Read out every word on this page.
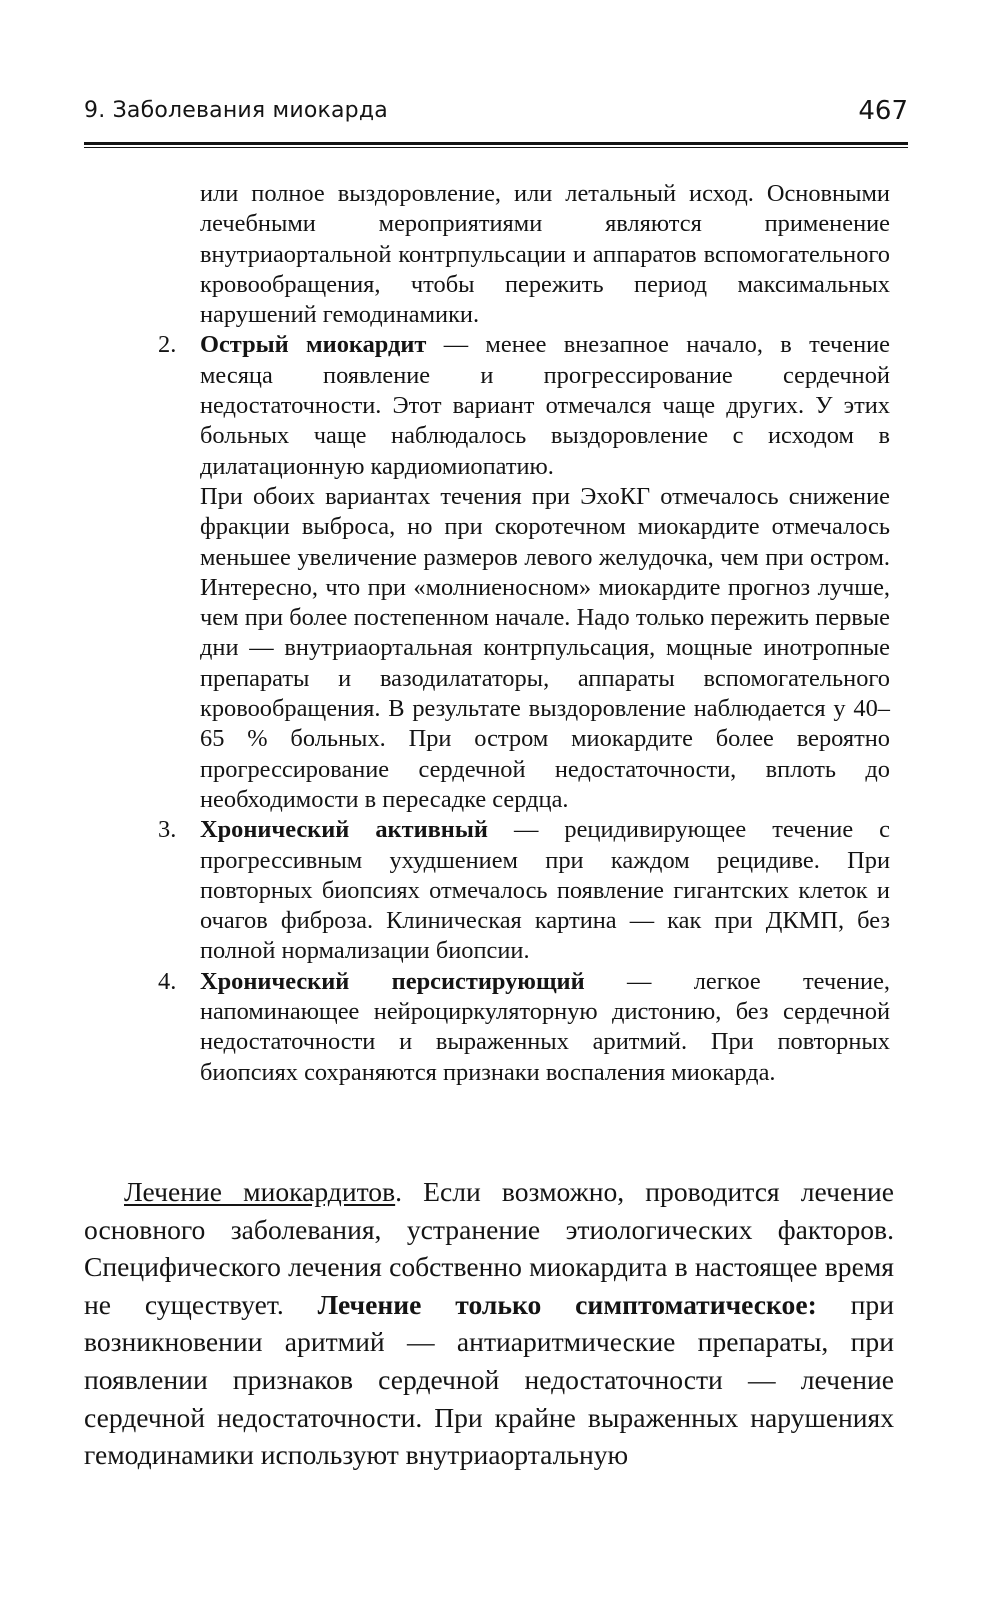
9. Заболевания миокарда	467

или полное выздоровление, или летальный исход. Основными лечебными мероприятиями являются применение внутриаортальной контрпульсации и аппаратов вспомогательного кровообращения, чтобы пережить период максимальных нарушений гемодинамики.

2. Острый миокардит — менее внезапное начало, в течение месяца появление и прогрессирование сердечной недостаточности. Этот вариант отмечался чаще других. У этих больных чаще наблюдалось выздоровление с исходом в дилатационную кардиомиопатию.

При обоих вариантах течения при ЭхоКГ отмечалось снижение фракции выброса, но при скоротечном миокардите отмечалось меньшее увеличение размеров левого желудочка, чем при остром. Интересно, что при «молниеносном» миокардите прогноз лучше, чем при более постепенном начале. Надо только пережить первые дни — внутриаортальная контрпульсация, мощные инотропные препараты и вазодилататоры, аппараты вспомогательного кровообращения. В результате выздоровление наблюдается у 40–65 % больных. При остром миокардите более вероятно прогрессирование сердечной недостаточности, вплоть до необходимости в пересадке сердца.

3. Хронический активный — рецидивирующее течение с прогрессивным ухудшением при каждом рецидиве. При повторных биопсиях отмечалось появление гигантских клеток и очагов фиброза. Клиническая картина — как при ДКМП, без полной нормализации биопсии.

4. Хронический персистирующий — легкое течение, напоминающее нейроциркуляторную дистонию, без сердечной недостаточности и выраженных аритмий. При повторных биопсиях сохраняются признаки воспаления миокарда.

Лечение миокардитов. Если возможно, проводится лечение основного заболевания, устранение этиологических факторов. Специфического лечения собственно миокардита в настоящее время не существует. Лечение только симптоматическое: при возникновении аритмий — антиаритмические препараты, при появлении признаков сердечной недостаточности — лечение сердечной недостаточности. При крайне выраженных нарушениях гемодинамики используют внутриаортальную
